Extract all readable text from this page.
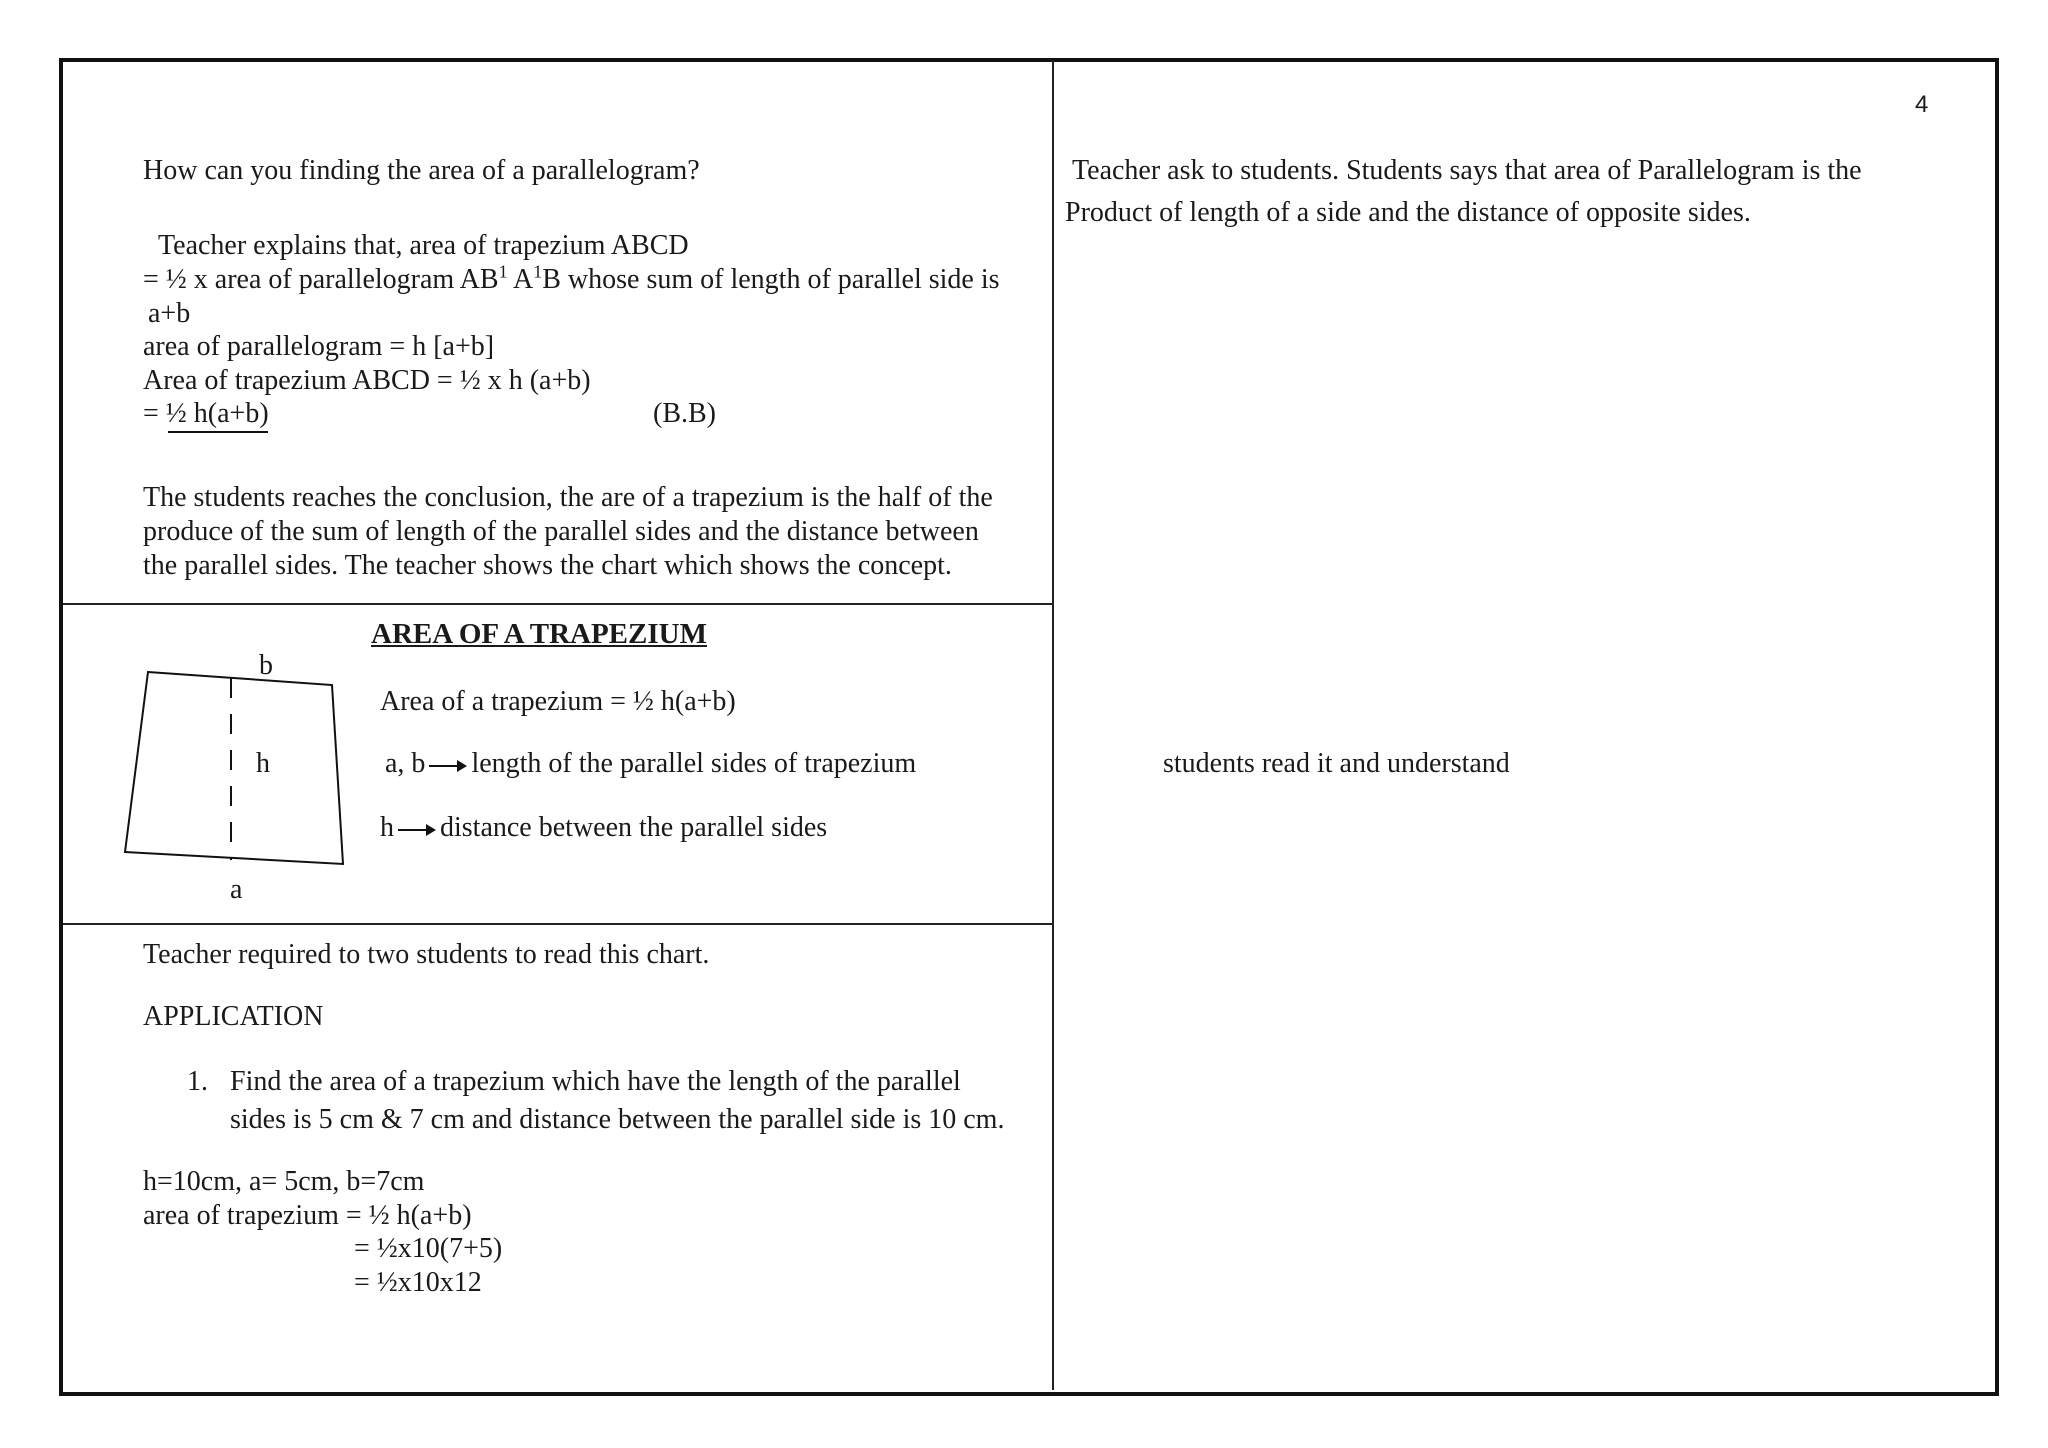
4
How can you finding the area of a parallelogram?
Teacher explains that, area of trapezium ABCD
= ½ x area of parallelogram $AB^1$ $A^1B$ whose sum of length of parallel side is
a+b
area of parallelogram = h [a+b]
Area of trapezium ABCD = ½ x h (a+b)
= ½ h(a+b)	(B.B)
The students reaches the conclusion, the are of a trapezium is the half of the
produce of the sum of length of the parallel sides and the distance between
the parallel sides. The teacher shows the chart which shows the concept.
AREA OF A TRAPEZIUM
b
h
a
Area of a trapezium = ½ h(a+b)
a, b length of the parallel sides of trapezium
h distance between the parallel sides
Teacher required to two students to read this chart.
APPLICATION
1. Find the area of a trapezium which have the length of the parallel
sides is 5 cm & 7 cm and distance between the parallel side is 10 cm.
h=10cm, a= 5cm, b=7cm
area of trapezium = ½ h(a+b)
= ½x10(7+5)
= ½x10x12
Teacher ask to students. Students says that area of Parallelogram is the
Product of length of a side and the distance of opposite sides.
students read it and understand
